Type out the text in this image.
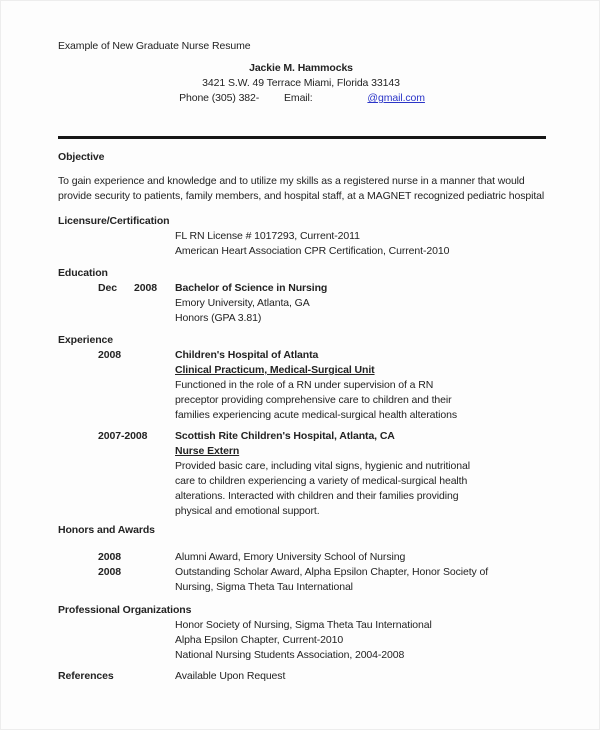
Example of New Graduate Nurse Resume
Jackie M. Hammocks
3421 S.W. 49 Terrace Miami, Florida 33143
Phone (305) 382- Email:	@gmail.com
Objective
To gain experience and knowledge and to utilize my skills as a registered nurse in a manner that would provide security to patients, family members, and hospital staff, at a MAGNET recognized pediatric hospital
Licensure/Certification
FL RN License # 1017293, Current-2011
American Heart Association CPR Certification, Current-2010
Education
Dec 2008	Bachelor of Science in Nursing
Emory University, Atlanta, GA
Honors (GPA 3.81)
Experience
2008	Children's Hospital of Atlanta
Clinical Practicum, Medical-Surgical Unit
Functioned in the role of a RN under supervision of a RN preceptor providing comprehensive care to children and their families experiencing acute medical-surgical health alterations
2007-2008	Scottish Rite Children's Hospital, Atlanta, CA
Nurse Extern
Provided basic care, including vital signs, hygienic and nutritional care to children experiencing a variety of medical-surgical health alterations. Interacted with children and their families providing physical and emotional support.
Honors and Awards
2008	Alumni Award, Emory University School of Nursing
2008	Outstanding Scholar Award, Alpha Epsilon Chapter, Honor Society of Nursing, Sigma Theta Tau International
Professional Organizations
Honor Society of Nursing, Sigma Theta Tau International
Alpha Epsilon Chapter, Current-2010
National Nursing Students Association, 2004-2008
References	Available Upon Request
